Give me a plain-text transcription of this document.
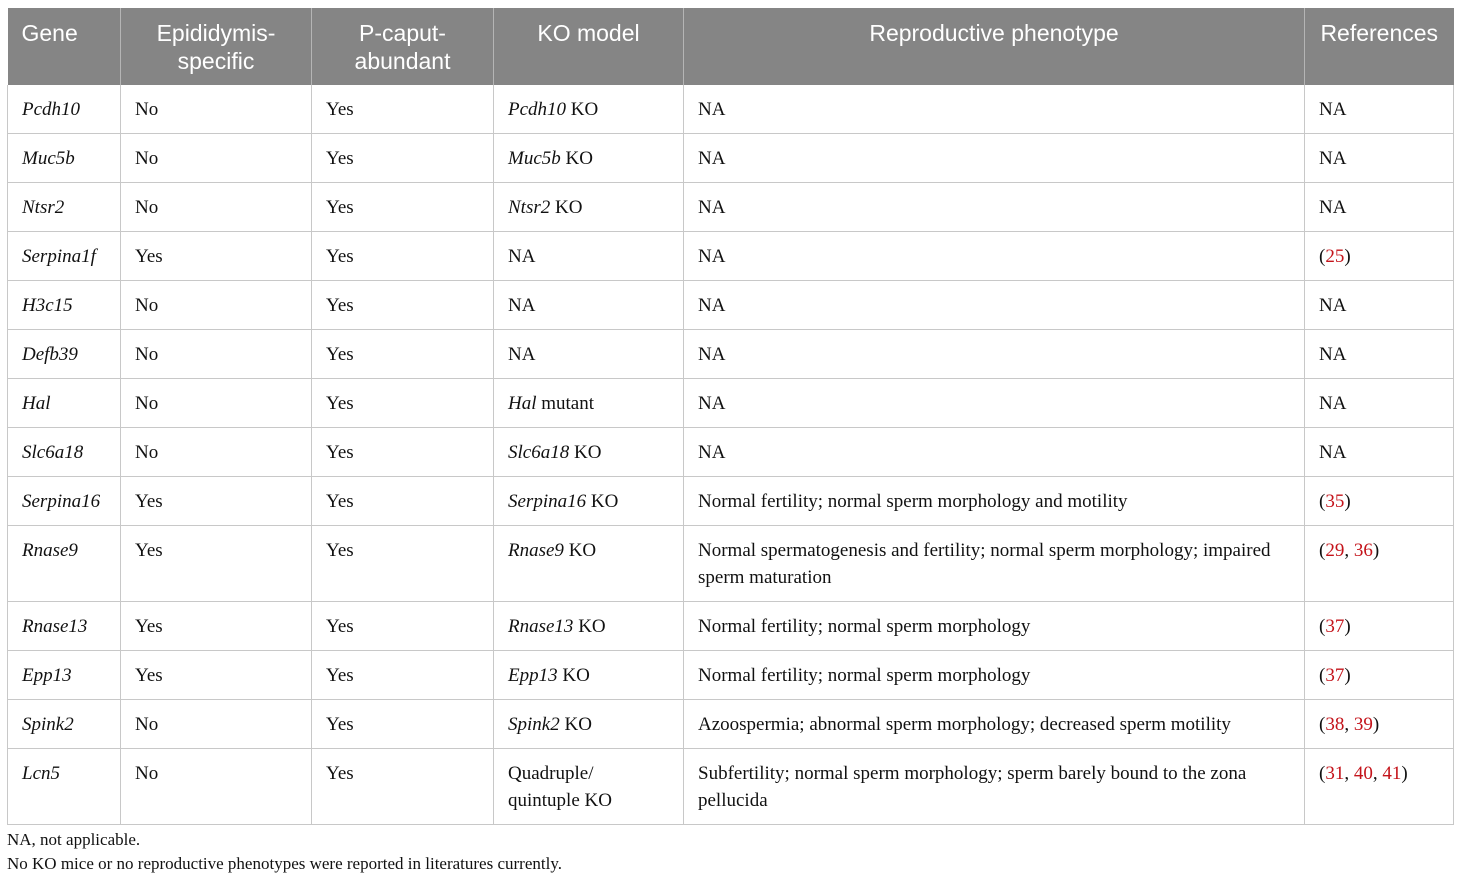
Gene	Epididymis-specific	P-caput-abundant	KO model	Reproductive phenotype	References
Pcdh10	No	Yes	Pcdh10 KO	NA	NA
Muc5b	No	Yes	Muc5b KO	NA	NA
Ntsr2	No	Yes	Ntsr2 KO	NA	NA
Serpina1f	Yes	Yes	NA	NA	(25)
H3c15	No	Yes	NA	NA	NA
Defb39	No	Yes	NA	NA	NA
Hal	No	Yes	Hal mutant	NA	NA
Slc6a18	No	Yes	Slc6a18 KO	NA	NA
Serpina16	Yes	Yes	Serpina16 KO	Normal fertility; normal sperm morphology and motility	(35)
Rnase9	Yes	Yes	Rnase9 KO	Normal spermatogenesis and fertility; normal sperm morphology; impaired sperm maturation	(29, 36)
Rnase13	Yes	Yes	Rnase13 KO	Normal fertility; normal sperm morphology	(37)
Epp13	Yes	Yes	Epp13 KO	Normal fertility; normal sperm morphology	(37)
Spink2	No	Yes	Spink2 KO	Azoospermia; abnormal sperm morphology; decreased sperm motility	(38, 39)
Lcn5	No	Yes	Quadruple/ quintuple KO	Subfertility; normal sperm morphology; sperm barely bound to the zona pellucida	(31, 40, 41)
NA, not applicable.
No KO mice or no reproductive phenotypes were reported in literatures currently.
